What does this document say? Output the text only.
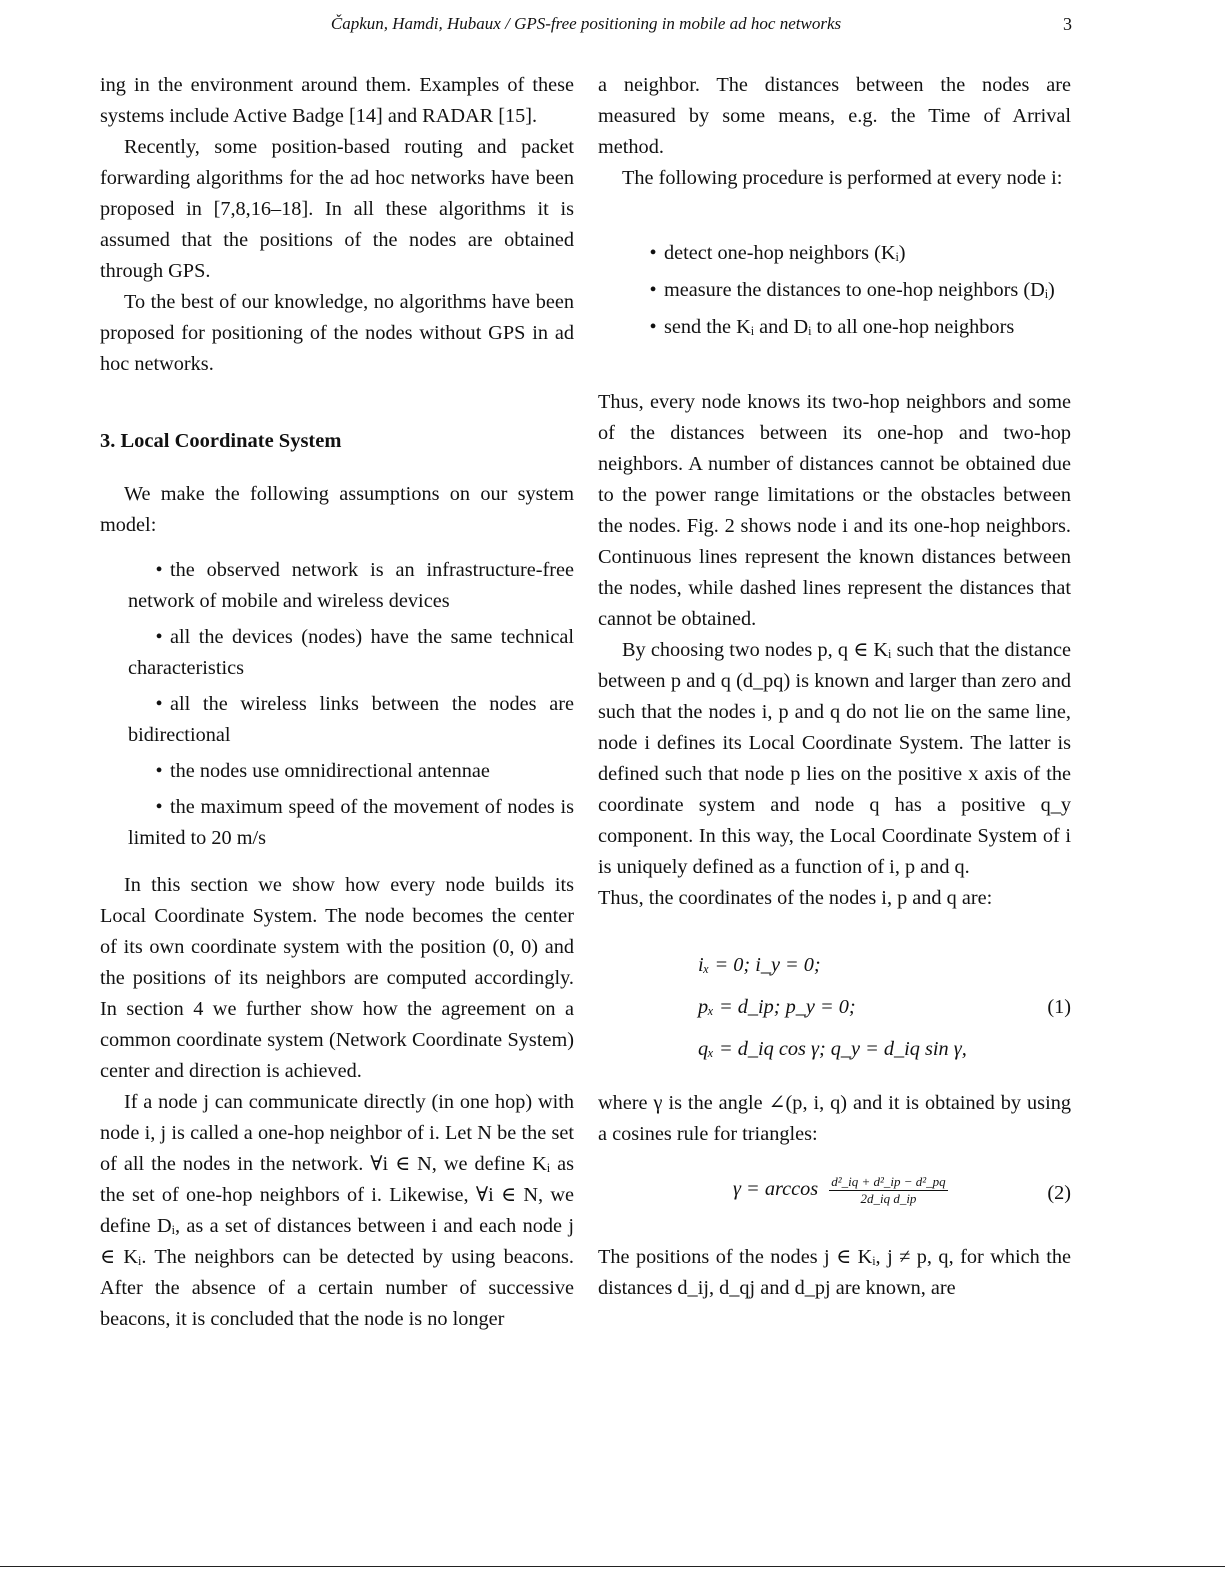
Čapkun, Hamdi, Hubaux / GPS-free positioning in mobile ad hoc networks	3

ing in the environment around them. Examples of these systems include Active Badge [14] and RADAR [15].

Recently, some position-based routing and packet forwarding algorithms for the ad hoc networks have been proposed in [7,8,16–18]. In all these algorithms it is assumed that the positions of the nodes are obtained through GPS.

To the best of our knowledge, no algorithms have been proposed for positioning of the nodes without GPS in ad hoc networks.

3. Local Coordinate System

We make the following assumptions on our system model:

• the observed network is an infrastructure-free network of mobile and wireless devices
• all the devices (nodes) have the same technical characteristics
• all the wireless links between the nodes are bidirectional
• the nodes use omnidirectional antennae
• the maximum speed of the movement of nodes is limited to 20 m/s

In this section we show how every node builds its Local Coordinate System. The node becomes the center of its own coordinate system with the position (0, 0) and the positions of its neighbors are computed accordingly. In section 4 we further show how the agreement on a common coordinate system (Network Coordinate System) center and direction is achieved.

If a node j can communicate directly (in one hop) with node i, j is called a one-hop neighbor of i. Let N be the set of all the nodes in the network. ∀i ∈ N, we define Kᵢ as the set of one-hop neighbors of i. Likewise, ∀i ∈ N, we define Dᵢ, as a set of distances between i and each node j ∈ Kᵢ. The neighbors can be detected by using beacons. After the absence of a certain number of successive beacons, it is concluded that the node is no longer

a neighbor. The distances between the nodes are measured by some means, e.g. the Time of Arrival method.

The following procedure is performed at every node i:

• detect one-hop neighbors (Kᵢ)
• measure the distances to one-hop neighbors (Dᵢ)
• send the Kᵢ and Dᵢ to all one-hop neighbors

Thus, every node knows its two-hop neighbors and some of the distances between its one-hop and two-hop neighbors. A number of distances cannot be obtained due to the power range limitations or the obstacles between the nodes. Fig. 2 shows node i and its one-hop neighbors. Continuous lines represent the known distances between the nodes, while dashed lines represent the distances that cannot be obtained.

By choosing two nodes p, q ∈ Kᵢ such that the distance between p and q (d_pq) is known and larger than zero and such that the nodes i, p and q do not lie on the same line, node i defines its Local Coordinate System. The latter is defined such that node p lies on the positive x axis of the coordinate system and node q has a positive q_y component. In this way, the Local Coordinate System of i is uniquely defined as a function of i, p and q.

Thus, the coordinates of the nodes i, p and q are:

iₓ = 0; i_y = 0;
pₓ = d_ip; p_y = 0;
qₓ = d_iq cos γ; q_y = d_iq sin γ,
(1)

where γ is the angle ∠(p, i, q) and it is obtained by using a cosines rule for triangles:

$\gamma = \arccos \frac{\text{d²\_iq + d²\_ip − d²\_pq}}{\text{2d\_iq d\_ip}}$	(2)

The positions of the nodes j ∈ Kᵢ, j ≠ p, q, for which the distances d_ij, d_qj and d_pj are known, are
